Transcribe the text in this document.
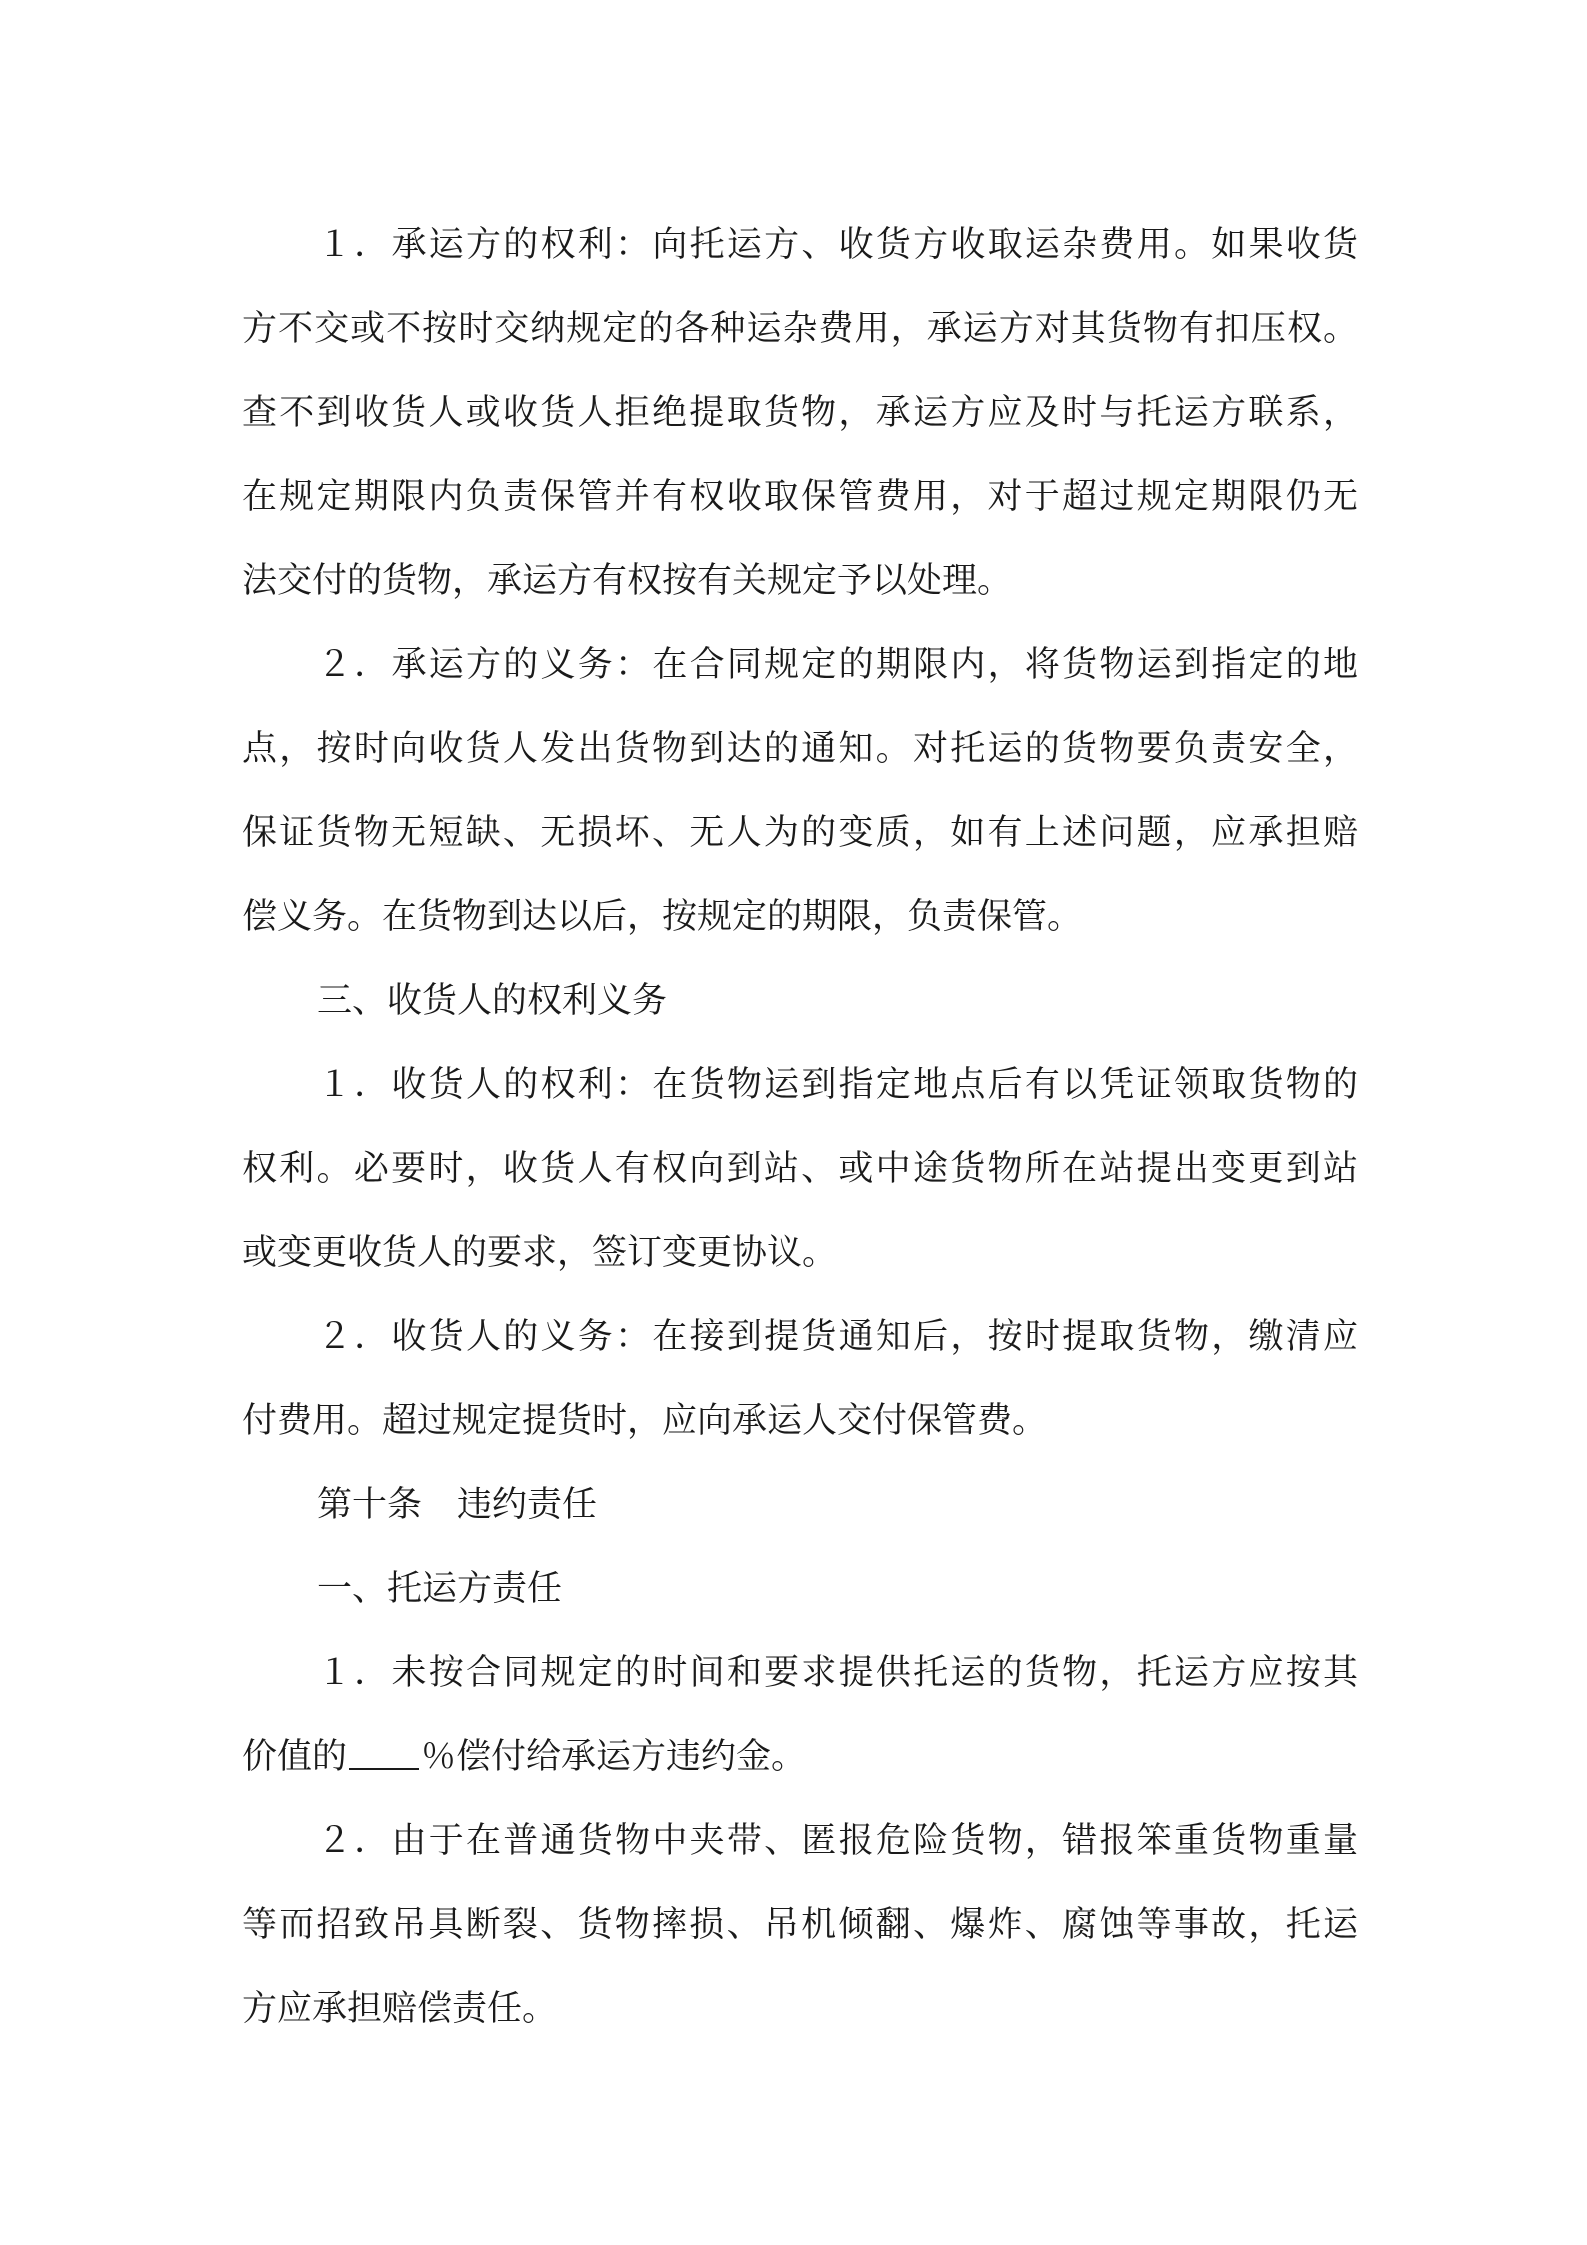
１．承运方的权利：向托运方、收货方收取运杂费用。如果收货
方不交或不按时交纳规定的各种运杂费用，承运方对其货物有扣压权。
查不到收货人或收货人拒绝提取货物，承运方应及时与托运方联系，
在规定期限内负责保管并有权收取保管费用，对于超过规定期限仍无
法交付的货物，承运方有权按有关规定予以处理。
２．承运方的义务：在合同规定的期限内，将货物运到指定的地
点，按时向收货人发出货物到达的通知。对托运的货物要负责安全，
保证货物无短缺、无损坏、无人为的变质，如有上述问题，应承担赔
偿义务。在货物到达以后，按规定的期限，负责保管。
三、收货人的权利义务
１．收货人的权利：在货物运到指定地点后有以凭证领取货物的
权利。必要时，收货人有权向到站、或中途货物所在站提出变更到站
或变更收货人的要求，签订变更协议。
２．收货人的义务：在接到提货通知后，按时提取货物，缴清应
付费用。超过规定提货时，应向承运人交付保管费。
第十条　违约责任
一、托运方责任
１．未按合同规定的时间和要求提供托运的货物，托运方应按其
价值的 ％偿付给承运方违约金。
２．由于在普通货物中夹带、匿报危险货物，错报笨重货物重量
等而招致吊具断裂、货物摔损、吊机倾翻、爆炸、腐蚀等事故，托运
方应承担赔偿责任。
